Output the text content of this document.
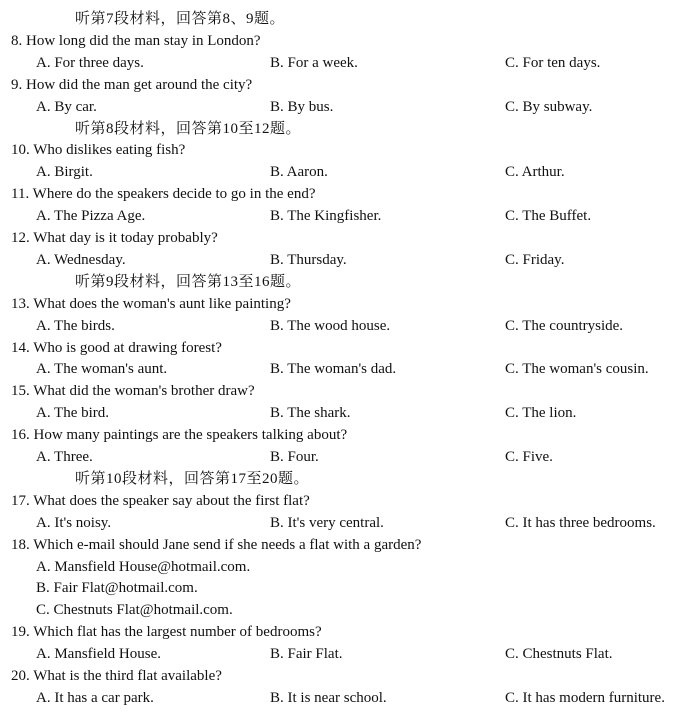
听第7段材料，回答第8、9题。
8. How long did the man stay in London?
A. For three days.	B. For a week.	C. For ten days.
9. How did the man get around the city?
A. By car.	B. By bus.	C. By subway.
听第8段材料，回答第10至12题。
10. Who dislikes eating fish?
A. Birgit.	B. Aaron.	C. Arthur.
11. Where do the speakers decide to go in the end?
A. The Pizza Age.	B. The Kingfisher.	C. The Buffet.
12. What day is it today probably?
A. Wednesday.	B. Thursday.	C. Friday.
听第9段材料，回答第13至16题。
13. What does the woman's aunt like painting?
A. The birds.	B. The wood house.	C. The countryside.
14. Who is good at drawing forest?
A. The woman's aunt.	B. The woman's dad.	C. The woman's cousin.
15. What did the woman's brother draw?
A. The bird.	B. The shark.	C. The lion.
16. How many paintings are the speakers talking about?
A. Three.	B. Four.	C. Five.
听第10段材料，回答第17至20题。
17. What does the speaker say about the first flat?
A. It's noisy.	B. It's very central.	C. It has three bedrooms.
18. Which e-mail should Jane send if she needs a flat with a garden?
A. Mansfield House@hotmail.com.
B. Fair Flat@hotmail.com.
C. Chestnuts Flat@hotmail.com.
19. Which flat has the largest number of bedrooms?
A. Mansfield House.	B. Fair Flat.	C. Chestnuts Flat.
20. What is the third flat available?
A. It has a car park.	B. It is near school.	C. It has modern furniture.
